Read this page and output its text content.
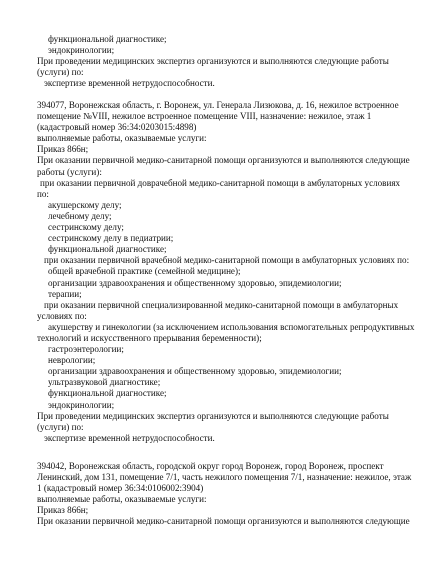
функциональной диагностике;
эндокринологии;
При проведении медицинских экспертиз организуются и выполняются следующие работы
(услуги) по:
экспертизе временной нетрудоспособности.
394077, Воронежская область, г. Воронеж, ул. Генерала Лизюкова, д. 16, нежилое встроенное
помещение №VIII, нежилое встроенное помещение VIII, назначение: нежилое, этаж 1
(кадастровый номер 36:34:0203015:4898)
выполняемые работы, оказываемые услуги:
Приказ 866н;
При оказании первичной медико-санитарной помощи организуются и выполняются следующие
работы (услуги):
при оказании первичной доврачебной медико-санитарной помощи в амбулаторных условиях
по:
акушерскому делу;
лечебному делу;
сестринскому делу;
сестринскому делу в педиатрии;
функциональной диагностике;
при оказании первичной врачебной медико-санитарной помощи в амбулаторных условиях по:
общей врачебной практике (семейной медицине);
организации здравоохранения и общественному здоровью, эпидемиологии;
терапии;
при оказании первичной специализированной медико-санитарной помощи в амбулаторных
условиях по:
акушерству и гинекологии (за исключением использования вспомогательных репродуктивных
технологий и искусственного прерывания беременности);
гастроэнтерологии;
неврологии;
организации здравоохранения и общественному здоровью, эпидемиологии;
ультразвуковой диагностике;
функциональной диагностике;
эндокринологии;
При проведении медицинских экспертиз организуются и выполняются следующие работы
(услуги) по:
экспертизе временной нетрудоспособности.
394042, Воронежская область, городской округ город Воронеж, город Воронеж, проспект
Ленинский, дом 131, помещение 7/1, часть нежилого помещения 7/1, назначение: нежилое, этаж
1 (кадастровый номер 36:34:0106002:3904)
выполняемые работы, оказываемые услуги:
Приказ 866н;
При оказании первичной медико-санитарной помощи организуются и выполняются следующие
